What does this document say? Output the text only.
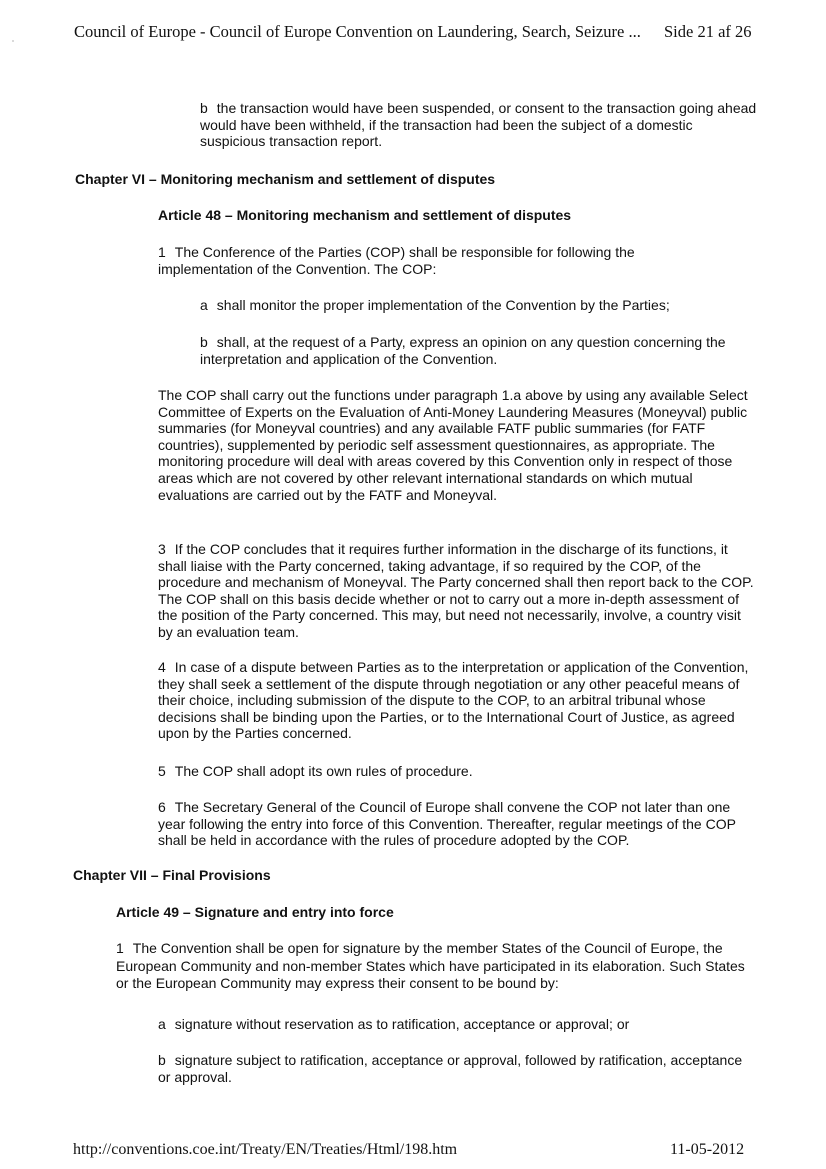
Council of Europe - Council of Europe Convention on Laundering, Search, Seizure ... Side 21 af 26

b the transaction would have been suspended, or consent to the transaction going ahead would have been withheld, if the transaction had been the subject of a domestic suspicious transaction report.

Chapter VI – Monitoring mechanism and settlement of disputes

Article 48 – Monitoring mechanism and settlement of disputes

1 The Conference of the Parties (COP) shall be responsible for following the implementation of the Convention. The COP:

a shall monitor the proper implementation of the Convention by the Parties;

b shall, at the request of a Party, express an opinion on any question concerning the interpretation and application of the Convention.

The COP shall carry out the functions under paragraph 1.a above by using any available Select Committee of Experts on the Evaluation of Anti-Money Laundering Measures (Moneyval) public summaries (for Moneyval countries) and any available FATF public summaries (for FATF countries), supplemented by periodic self assessment questionnaires, as appropriate. The monitoring procedure will deal with areas covered by this Convention only in respect of those areas which are not covered by other relevant international standards on which mutual evaluations are carried out by the FATF and Moneyval.

3 If the COP concludes that it requires further information in the discharge of its functions, it shall liaise with the Party concerned, taking advantage, if so required by the COP, of the procedure and mechanism of Moneyval. The Party concerned shall then report back to the COP. The COP shall on this basis decide whether or not to carry out a more in-depth assessment of the position of the Party concerned. This may, but need not necessarily, involve, a country visit by an evaluation team.

4 In case of a dispute between Parties as to the interpretation or application of the Convention, they shall seek a settlement of the dispute through negotiation or any other peaceful means of their choice, including submission of the dispute to the COP, to an arbitral tribunal whose decisions shall be binding upon the Parties, or to the International Court of Justice, as agreed upon by the Parties concerned.

5 The COP shall adopt its own rules of procedure.

6 The Secretary General of the Council of Europe shall convene the COP not later than one year following the entry into force of this Convention. Thereafter, regular meetings of the COP shall be held in accordance with the rules of procedure adopted by the COP.

Chapter VII – Final Provisions

Article 49 – Signature and entry into force

1 The Convention shall be open for signature by the member States of the Council of Europe, the European Community and non-member States which have participated in its elaboration. Such States or the European Community may express their consent to be bound by:

a signature without reservation as to ratification, acceptance or approval; or

b signature subject to ratification, acceptance or approval, followed by ratification, acceptance or approval.

http://conventions.coe.int/Treaty/EN/Treaties/Html/198.htm	11-05-2012
